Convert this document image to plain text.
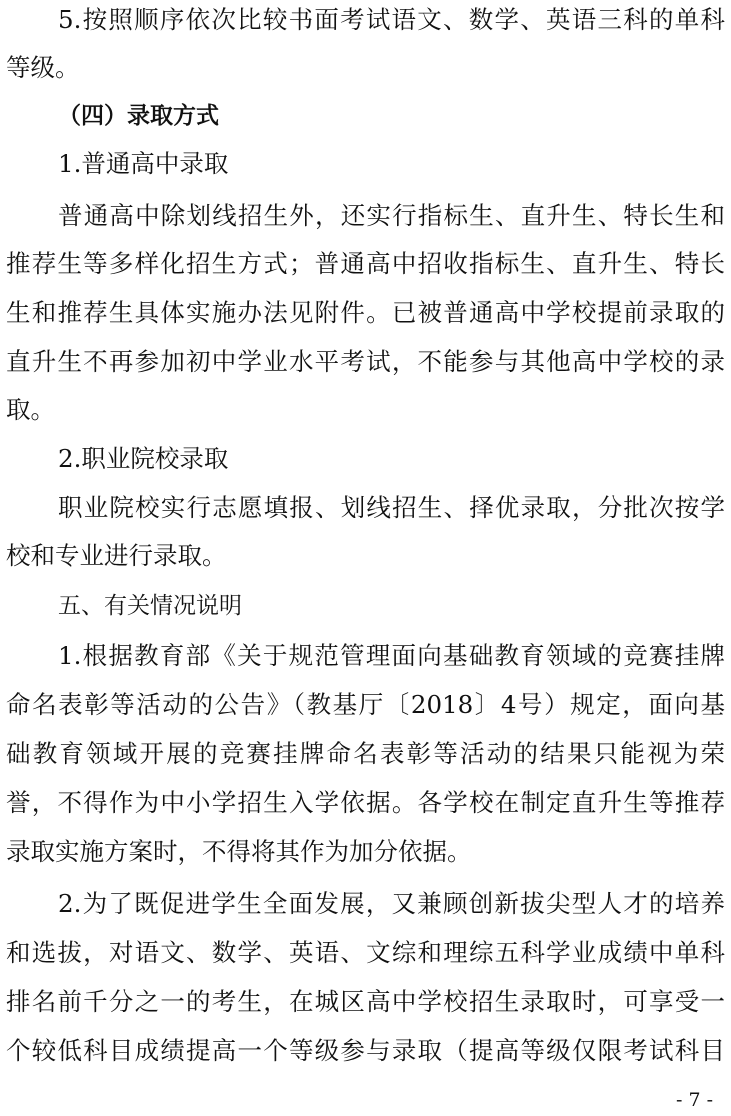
5.按照顺序依次比较书面考试语文、数学、英语三科的单科
等级。
（四）录取方式
1.普通高中录取
普通高中除划线招生外，还实行指标生、直升生、特长生和
推荐生等多样化招生方式；普通高中招收指标生、直升生、特长
生和推荐生具体实施办法见附件。已被普通高中学校提前录取的
直升生不再参加初中学业水平考试，不能参与其他高中学校的录
取。
2.职业院校录取
职业院校实行志愿填报、划线招生、择优录取，分批次按学
校和专业进行录取。
五、有关情况说明
1.根据教育部《关于规范管理面向基础教育领域的竞赛挂牌
命名表彰等活动的公告》（教基厅〔2018〕4号）规定，面向基
础教育领域开展的竞赛挂牌命名表彰等活动的结果只能视为荣
誉，不得作为中小学招生入学依据。各学校在制定直升生等推荐
录取实施方案时，不得将其作为加分依据。
2.为了既促进学生全面发展，又兼顾创新拔尖型人才的培养
和选拔，对语文、数学、英语、文综和理综五科学业成绩中单科
排名前千分之一的考生，在城区高中学校招生录取时，可享受一
个较低科目成绩提高一个等级参与录取（提高等级仅限考试科目
- 7 -
